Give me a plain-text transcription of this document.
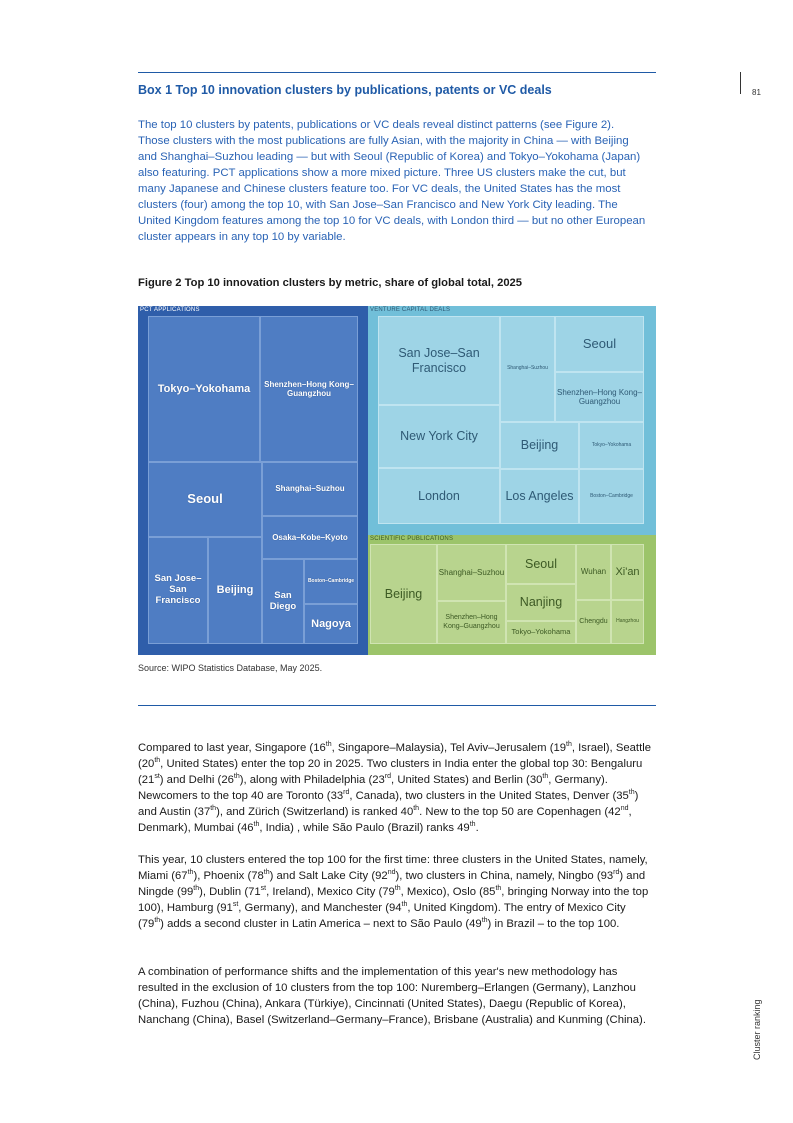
81
Box 1 Top 10 innovation clusters by publications, patents or VC deals

The top 10 clusters by patents, publications or VC deals reveal distinct patterns (see Figure 2). Those clusters with the most publications are fully Asian, with the majority in China — with Beijing and Shanghai–Suzhou leading — but with Seoul (Republic of Korea) and Tokyo–Yokohama (Japan) also featuring. PCT applications show a more mixed picture. Three US clusters make the cut, but many Japanese and Chinese clusters feature too. For VC deals, the United States has the most clusters (four) among the top 10, with San Jose–San Francisco and New York City leading. The United Kingdom features among the top 10 for VC deals, with London third — but no other European cluster appears in any top 10 by variable.

Figure 2 Top 10 innovation clusters by metric, share of global total, 2025
PCT APPLICATIONS
Tokyo–Yokohama	Shenzhen–Hong Kong–Guangzhou
Seoul
Shanghai–Suzhou
Osaka–Kobe–Kyoto
San Jose–San Francisco
Beijing	San Diego
Boston–Cambridge
Nagoya
VENTURE CAPITAL DEALS
San Jose–San Francisco	Shanghai–Suzhou
Seoul
Shenzhen–Hong Kong–Guangzhou
New York City
Beijing	Tokyo–Yokohama
London	Los Angeles	Boston–Cambridge
SCIENTIFIC PUBLICATIONS
Beijing
Shanghai–Suzhou
Seoul
Wuhan Xi'an
Shenzhen–Hong Kong–Guangzhou
Nanjing
Tokyo–Yokohama
Chengdu	Hangzhou
Source: WIPO Statistics Database, May 2025.

Compared to last year, Singapore (16th, Singapore–Malaysia), Tel Aviv–Jerusalem (19th, Israel), Seattle (20th, United States) enter the top 20 in 2025. Two clusters in India enter the global top 30: Bengaluru (21st) and Delhi (26th), along with Philadelphia (23rd, United States) and Berlin (30th, Germany). Newcomers to the top 40 are Toronto (33rd, Canada), two clusters in the United States, Denver (35th) and Austin (37th), and Zürich (Switzerland) is ranked 40th. New to the top 50 are Copenhagen (42nd, Denmark), Mumbai (46th, India) , while São Paulo (Brazil) ranks 49th.

This year, 10 clusters entered the top 100 for the first time: three clusters in the United States, namely, Miami (67th), Phoenix (78th) and Salt Lake City (92nd), two clusters in China, namely, Ningbo (93rd) and Ningde (99th), Dublin (71st, Ireland), Mexico City (79th, Mexico), Oslo (85th, bringing Norway into the top 100), Hamburg (91st, Germany), and Manchester (94th, United Kingdom). The entry of Mexico City (79th) adds a second cluster in Latin America – next to São Paulo (49th) in Brazil – to the top 100.

A combination of performance shifts and the implementation of this year's new methodology has resulted in the exclusion of 10 clusters from the top 100: Nuremberg–Erlangen (Germany), Lanzhou (China), Fuzhou (China), Ankara (Türkiye), Cincinnati (United States), Daegu (Republic of Korea), Nanchang (China), Basel (Switzerland–Germany–France), Brisbane (Australia) and Kunming (China).	Cluster ranking
